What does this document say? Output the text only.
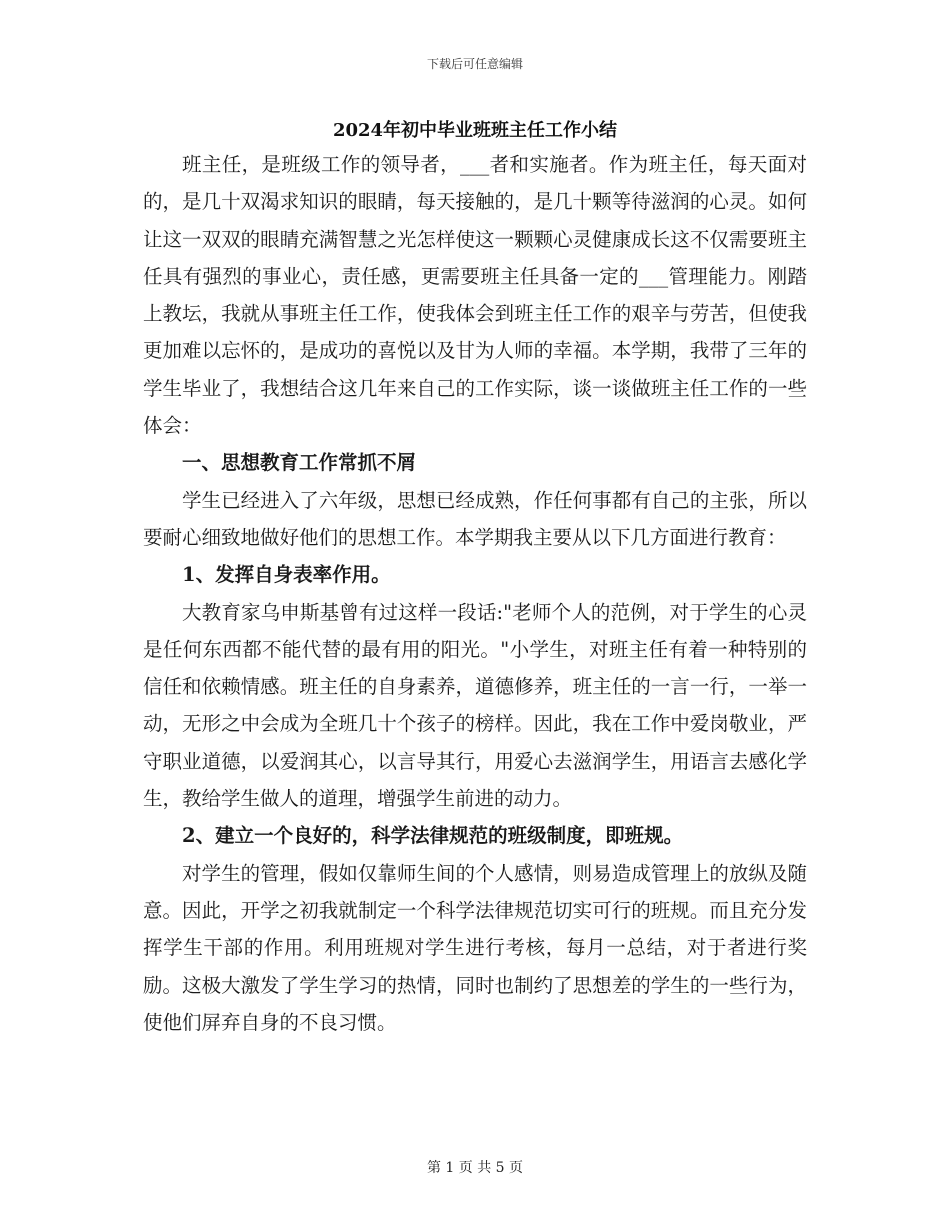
下载后可任意编辑
2024年初中毕业班班主任工作小结

班主任，是班级工作的领导者，___者和实施者。作为班主任，每天面对的，是几十双渴求知识的眼睛，每天接触的，是几十颗等待滋润的心灵。如何让这一双双的眼睛充满智慧之光怎样使这一颗颗心灵健康成长这不仅需要班主任具有强烈的事业心，责任感，更需要班主任具备一定的___管理能力。刚踏上教坛，我就从事班主任工作，使我体会到班主任工作的艰辛与劳苦，但使我更加难以忘怀的，是成功的喜悦以及甘为人师的幸福。本学期，我带了三年的学生毕业了，我想结合这几年来自己的工作实际，谈一谈做班主任工作的一些体会：

一、思想教育工作常抓不屑

学生已经进入了六年级，思想已经成熟，作任何事都有自己的主张，所以要耐心细致地做好他们的思想工作。本学期我主要从以下几方面进行教育：

1、发挥自身表率作用。

大教育家乌申斯基曾有过这样一段话:"老师个人的范例，对于学生的心灵是任何东西都不能代替的最有用的阳光。"小学生，对班主任有着一种特别的信任和依赖情感。班主任的自身素养，道德修养，班主任的一言一行，一举一动，无形之中会成为全班几十个孩子的榜样。因此，我在工作中爱岗敬业，严守职业道德，以爱润其心，以言导其行，用爱心去滋润学生，用语言去感化学生，教给学生做人的道理，增强学生前进的动力。

2、建立一个良好的，科学法律规范的班级制度，即班规。

对学生的管理，假如仅靠师生间的个人感情，则易造成管理上的放纵及随意。因此，开学之初我就制定一个科学法律规范切实可行的班规。而且充分发挥学生干部的作用。利用班规对学生进行考核，每月一总结，对于者进行奖励。这极大激发了学生学习的热情，同时也制约了思想差的学生的一些行为，使他们屏弃自身的不良习惯。

第 1 页 共 5 页
